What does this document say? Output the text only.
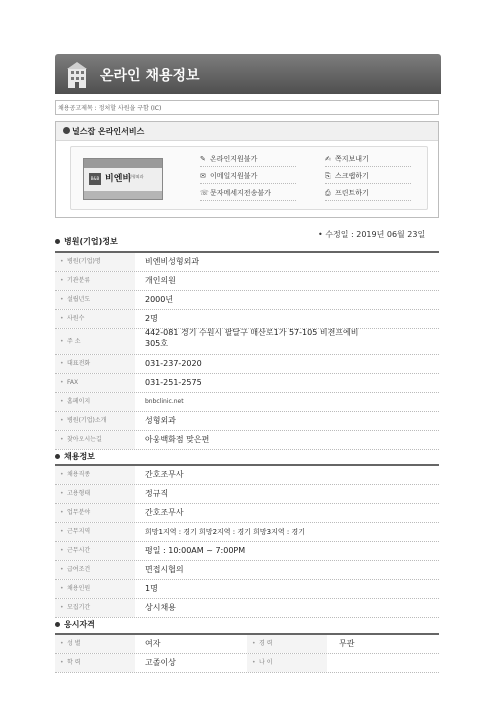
온라인 채용정보
채용공고제목 : 정처할 사원을 구함 (IC)
널스잡 온라인서비스
B&B 비엔비
성형외과
✎ 온라인지원불가
✉ 이메일지원불가
☏문자메세지전송불가
✍ 쪽지보내기
⎘ 스크랩하기
⎙ 프린트하기
병원(기업)정보
• 수정일 : 2019년 06월 23일
• 병원(기업)명	비엔비성형외과
• 기관분류	개인의원
• 설립년도	2000년
• 사원수	2명
• 주 소
442-081 경기 수원시 팔달구 매산로1가 57-105 비젼프에비
305호
• 대표전화	031-237-2020
• FAX	031-251-2575
• 홈페이지	bnbclinic.net
• 병원(기업)소개	성형외과
• 찾아오시는길	아웅백화점 맞은편
채용정보
• 채용직종	간호조무사
• 고용형태	정규직
• 업무분야	간호조무사
• 근무지역	희망1지역 : 경기 희망2지역 : 경기 희망3지역 : 경기
• 근무시간	평일 : 10:00AM ~ 7:00PM
• 급여조건	면접시협의
• 채용인원	1명
• 모집기간	상시채용
응시자격
• 성 별	여자	• 경 력	무관
• 학 력	고졸이상	• 나 이
